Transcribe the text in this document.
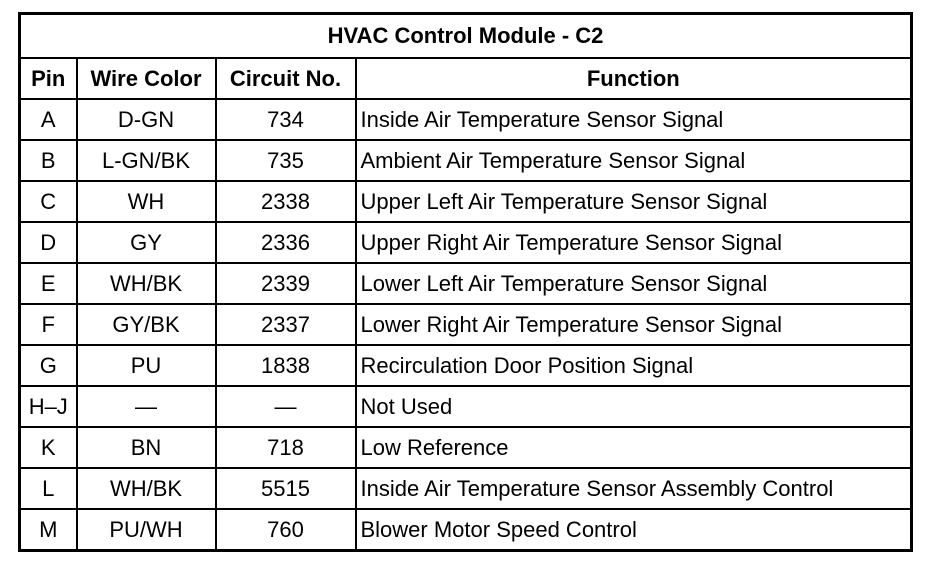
HVAC Control Module - C2			
Pin	Wire Color	Circuit No.	Function
A	D-GN	734	Inside Air Temperature Sensor Signal
B	L-GN/BK	735	Ambient Air Temperature Sensor Signal
C	WH	2338	Upper Left Air Temperature Sensor Signal
D	GY	2336	Upper Right Air Temperature Sensor Signal
E	WH/BK	2339	Lower Left Air Temperature Sensor Signal
F	GY/BK	2337	Lower Right Air Temperature Sensor Signal
G	PU	1838	Recirculation Door Position Signal
H–J	—	—	Not Used
K	BN	718	Low Reference
L	WH/BK	5515	Inside Air Temperature Sensor Assembly Control
M	PU/WH	760	Blower Motor Speed Control
